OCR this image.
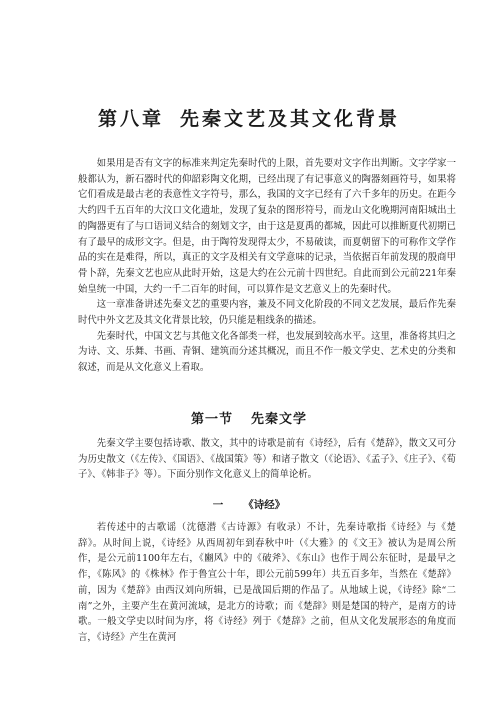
第八章 先秦文艺及其文化背景

如果用是否有文字的标准来判定先秦时代的上限，首先要对文字作出判断。文字学家一般都认为，新石器时代的仰韶彩陶文化期，已经出现了有记事意义的陶器刻画符号，如果将它们看成是最古老的表意性文字符号，那么，我国的文字已经有了六千多年的历史。在距今大约四千五百年的大汶口文化遗址，发现了复杂的图形符号，而龙山文化晚期河南阳城出土的陶器更有了与口语词义结合的刻划文字，由于这是夏禹的都城，因此可以推断夏代初期已有了最早的成形文字。但是，由于陶符发现得太少，不易破读，而夏朝留下的可称作文学作品的实在是难得，所以，真正的文字及相关有文学意味的记录，当依据百年前发现的殷商甲骨卜辞，先秦文艺也应从此时开始，这是大约在公元前十四世纪。自此而到公元前221年秦始皇统一中国，大约一千二百年的时间，可以算作是文艺意义上的先秦时代。

这一章准备讲述先秦文艺的重要内容，兼及不同文化阶段的不同文艺发展，最后作先秦时代中外文艺及其文化背景比较，仍只能是粗线条的描述。

先秦时代，中国文艺与其他文化各部类一样，也发展到较高水平。这里，准备将其归之为诗、文、乐舞、书画、青铜、建筑而分述其概况，而且不作一般文学史、艺术史的分类和叙述，而是从文化意义上看取。

第一节 先秦文学

先秦文学主要包括诗歌、散文，其中的诗歌是前有《诗经》，后有《楚辞》，散文又可分为历史散文（《左传》、《国语》、《战国策》等）和诸子散文（《论语》、《孟子》、《庄子》、《荀子》、《韩非子》等）。下面分别作文化意义上的简单论析。

一 《诗经》

若传述中的古歌谣（沈德潜《古诗源》有收录）不计，先秦诗歌指《诗经》与《楚辞》。从时间上说，《诗经》从西周初年到春秋中叶（《大雅》的《文王》被认为是周公所作，是公元前1100年左右，《豳风》中的《破斧》、《东山》也作于周公东征时，是最早之作，《陈风》的《株林》作于鲁宣公十年，即公元前599年）共五百多年，当然在《楚辞》前，因为《楚辞》由西汉刘向所辑，已是战国后期的作品了。从地域上说，《诗经》除“二南”之外，主要产生在黄河流域，是北方的诗歌；而《楚辞》则是楚国的特产，是南方的诗歌。一般文学史以时间为序，将《诗经》列于《楚辞》之前，但从文化发展形态的角度而言，《诗经》产生在黄河
